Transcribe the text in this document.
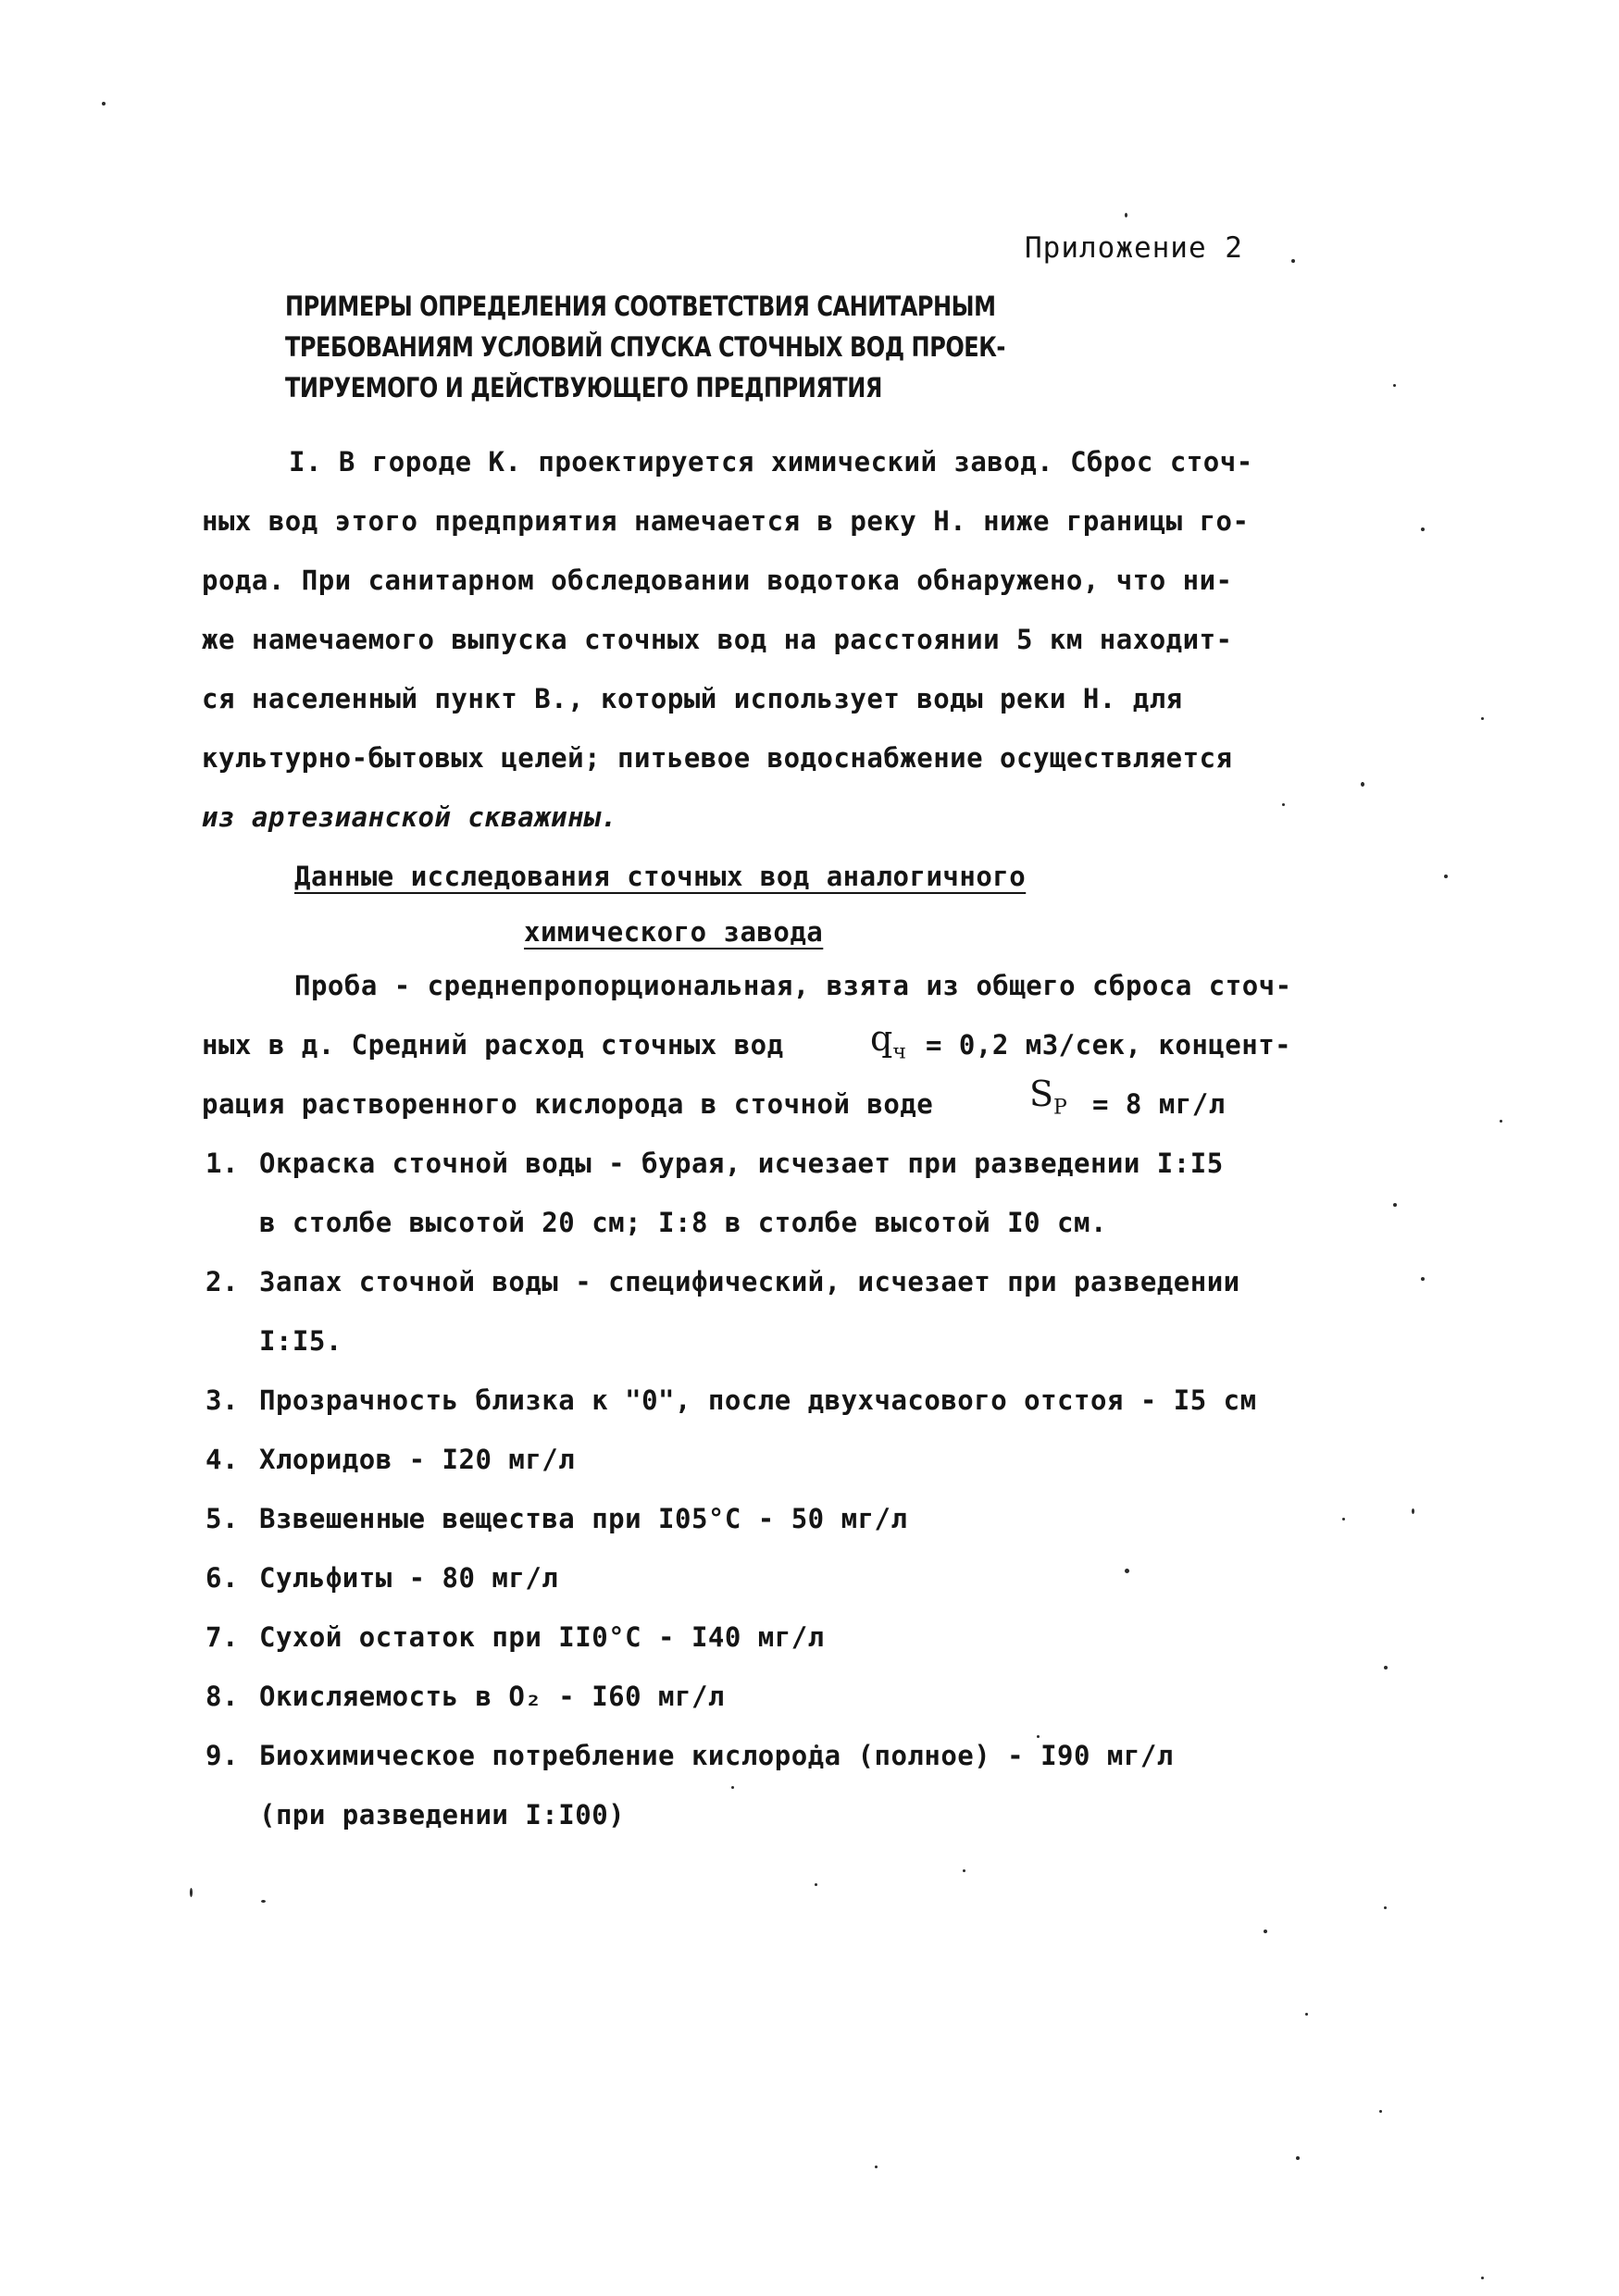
Прилoжение 2
ПРИМЕРЫ ОПРЕДЕЛЕНИЯ СООТВЕТСТВИЯ САНИТАРНЫМ
ТРЕБОВАНИЯМ УСЛОВИЙ СПУСКА СТОЧНЫХ ВОД ПРОЕК-
ТИРУЕМОГО И ДЕЙСТВУЮЩЕГО ПРЕДПРИЯТИЯ
I. В городе К. проектируется химический завод. Сброс сточ-
ных вод этого предприятия намечается в реку Н. ниже границы го-
рода. При санитарном обследовании водотока обнаружено, что ни-
же намечаемого выпуска сточных вод на расстоянии 5 км находит-
ся населенный пункт В., который использует воды реки Н. для
культурно-бытовых целей; питьевое водоснабжение осуществляется
из артезианской скважины.
Данные исследования сточных вод аналогичного
химического завода
Проба - среднепропорциональная, взята из общего сброса сточ-
ных в д. Средний расход сточных вод $q_ч = 0,2$ м3/сек, концент-
рация растворенного кислорода в сточной воде	$S_P = 8$ мг/л
1. Окраска сточной воды - бурая, исчезает при разведении I:I5
в столбе высотой 20 см; I:8 в столбе высотой I0 см.
2. Запах сточной воды - специфический, исчезает при разведении
I:I5.
3. Прозрачность близка к "0", после двухчасового отстоя - I5 см
4. Хлоридов - I20 мг/л
5. Взвешенные вещества при I05°C - 50 мг/л
6. Сульфиты - 80 мг/л
7. Сухой остаток при II0°C - I40 мг/л
8. Окисляемость в O₂ - I60 мг/л
9. Биохимическое потребление кислорода (полное) - I90 мг/л
(при разведении I:I00)
